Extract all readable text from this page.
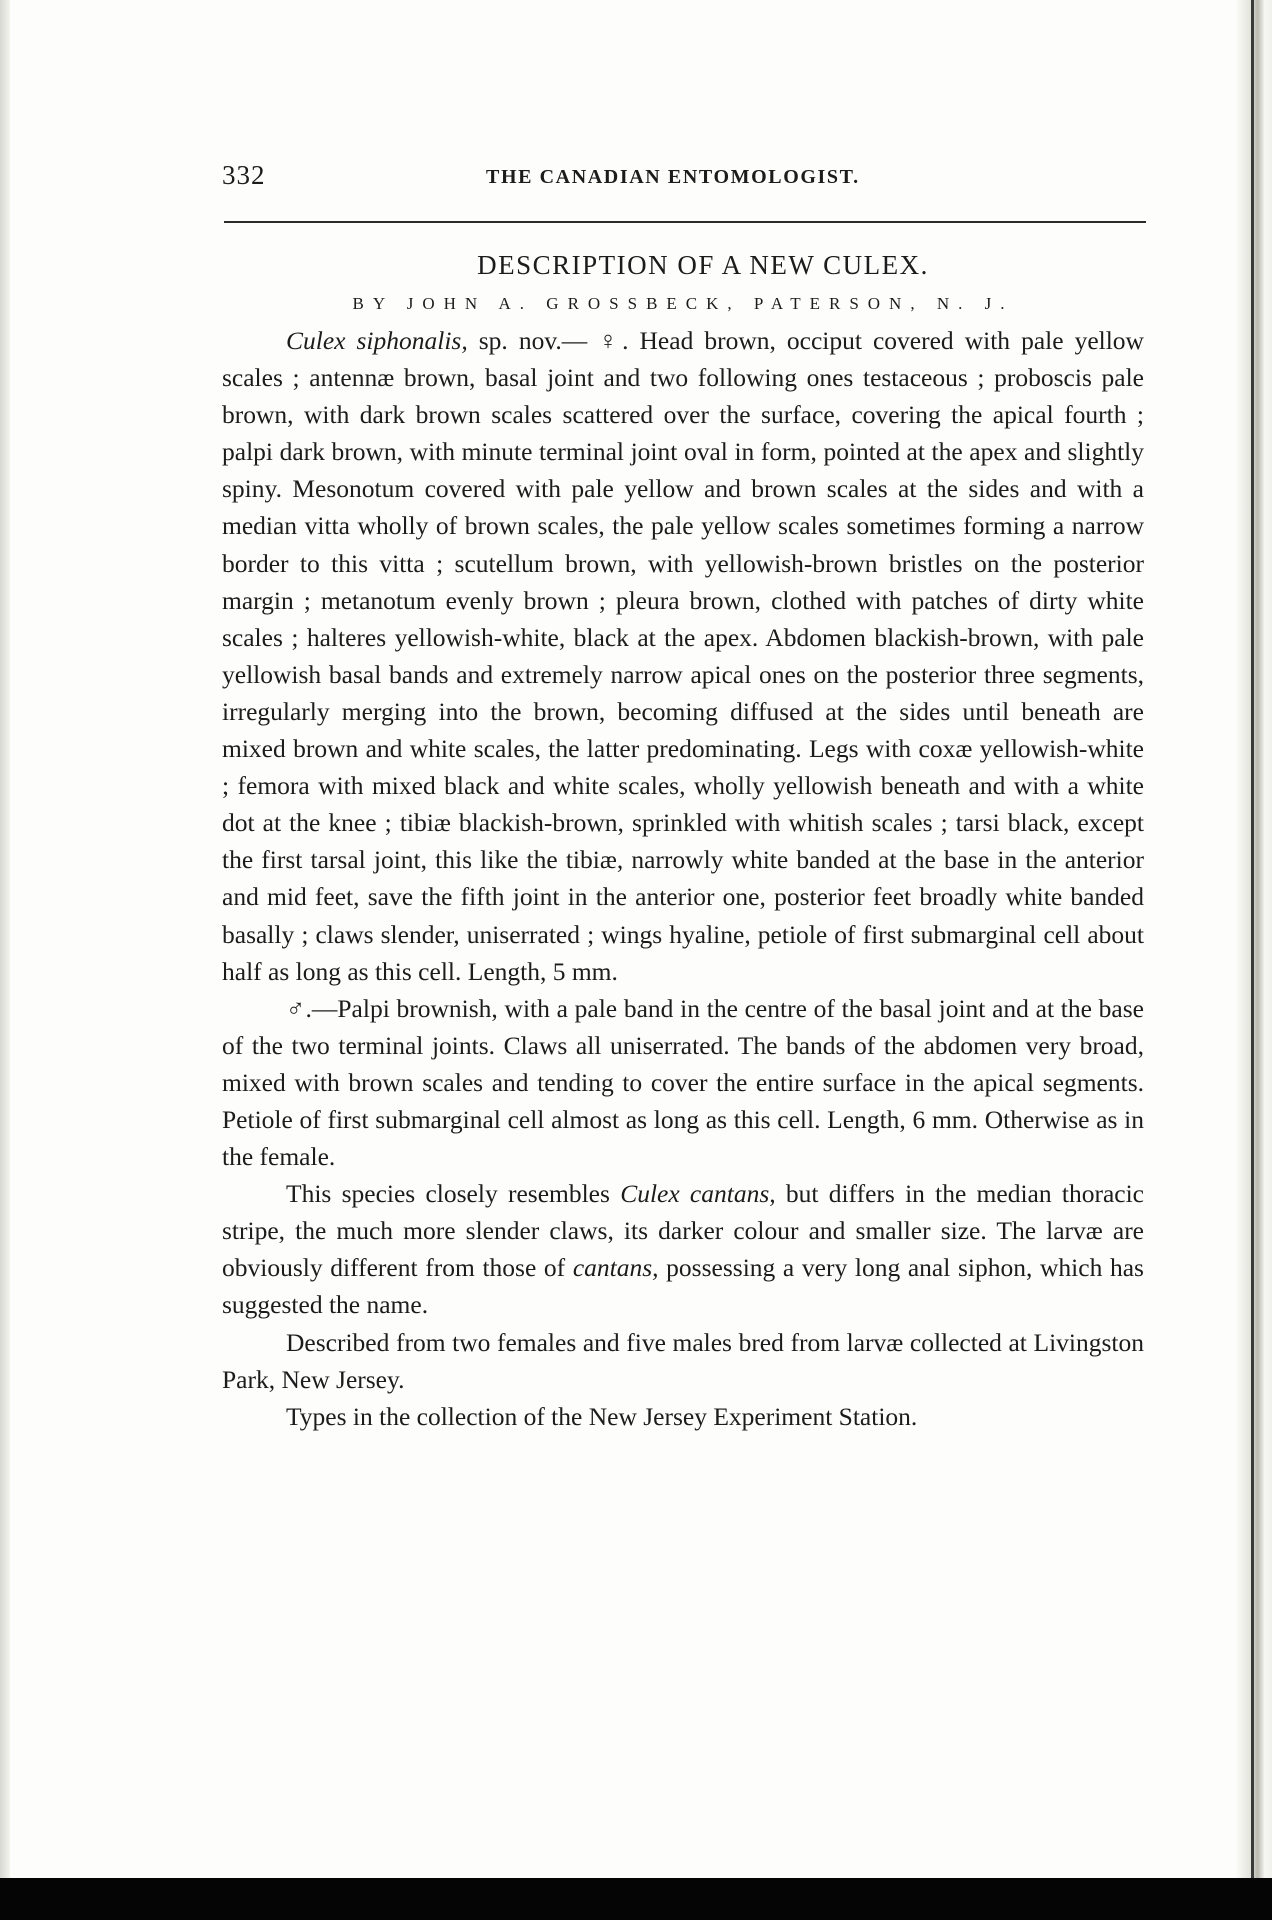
332	THE CANADIAN ENTOMOLOGIST.
DESCRIPTION OF A NEW CULEX.
BY JOHN A. GROSSBECK, PATERSON, N. J.

Culex siphonalis, sp. nov.— ♀. Head brown, occiput covered with pale yellow scales ; antennæ brown, basal joint and two following ones testaceous ; proboscis pale brown, with dark brown scales scattered over the surface, covering the apical fourth ; palpi dark brown, with minute terminal joint oval in form, pointed at the apex and slightly spiny. Mesonotum covered with pale yellow and brown scales at the sides and with a median vitta wholly of brown scales, the pale yellow scales sometimes forming a narrow border to this vitta ; scutellum brown, with yellowish-brown bristles on the posterior margin ; metanotum evenly brown ; pleura brown, clothed with patches of dirty white scales ; halteres yellowish-white, black at the apex. Abdomen blackish-brown, with pale yellowish basal bands and extremely narrow apical ones on the posterior three segments, irregularly merging into the brown, becoming diffused at the sides until beneath are mixed brown and white scales, the latter predominating. Legs with coxæ yellowish-white ; femora with mixed black and white scales, wholly yellowish beneath and with a white dot at the knee ; tibiæ blackish-brown, sprinkled with whitish scales ; tarsi black, except the first tarsal joint, this like the tibiæ, narrowly white banded at the base in the anterior and mid feet, save the fifth joint in the anterior one, posterior feet broadly white banded basally ; claws slender, uniserrated ; wings hyaline, petiole of first submarginal cell about half as long as this cell. Length, 5 mm.

♂.—Palpi brownish, with a pale band in the centre of the basal joint and at the base of the two terminal joints. Claws all uniserrated. The bands of the abdomen very broad, mixed with brown scales and tending to cover the entire surface in the apical segments. Petiole of first submarginal cell almost as long as this cell. Length, 6 mm. Otherwise as in the female.

This species closely resembles Culex cantans, but differs in the median thoracic stripe, the much more slender claws, its darker colour and smaller size. The larvæ are obviously different from those of cantans, possessing a very long anal siphon, which has suggested the name.

Described from two females and five males bred from larvæ collected at Livingston Park, New Jersey.

Types in the collection of the New Jersey Experiment Station.
